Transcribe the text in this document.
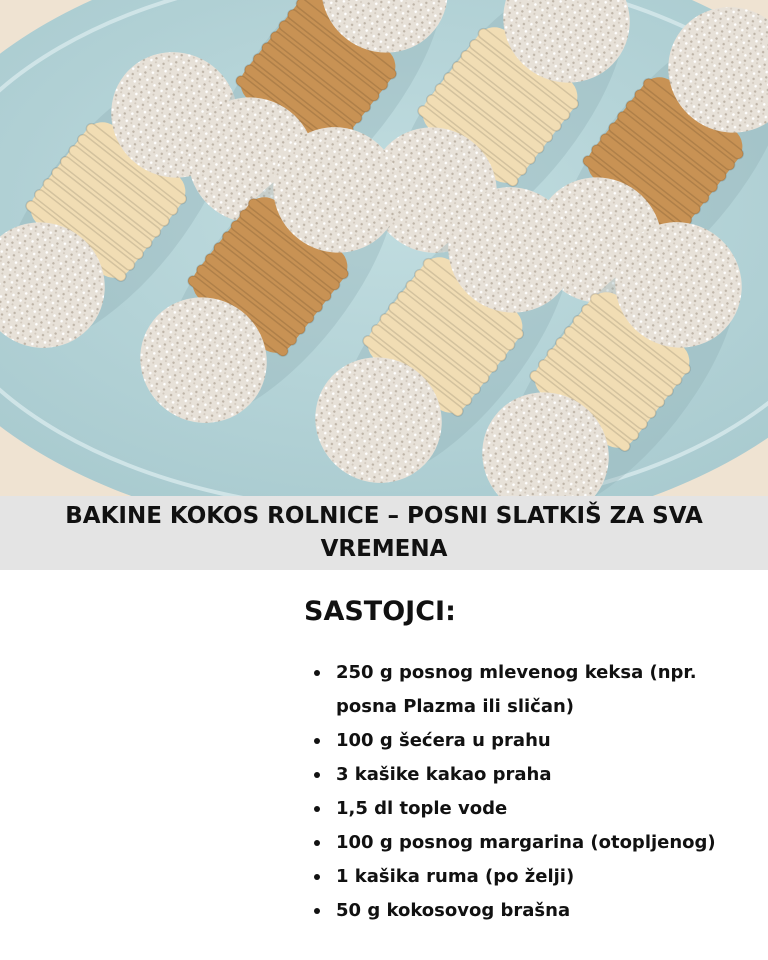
BAKINE KOKOS ROLNICE – POSNI SLATKIŠ ZA SVA VREMENA
SASTOJCI:
250 g posnog mlevenog keksa (npr. posna Plazma ili sličan)
100 g šećera u prahu
3 kašike kakao praha
1,5 dl tople vode
100 g posnog margarina (otopljenog)
1 kašika ruma (po želji)
50 g kokosovog brašna
